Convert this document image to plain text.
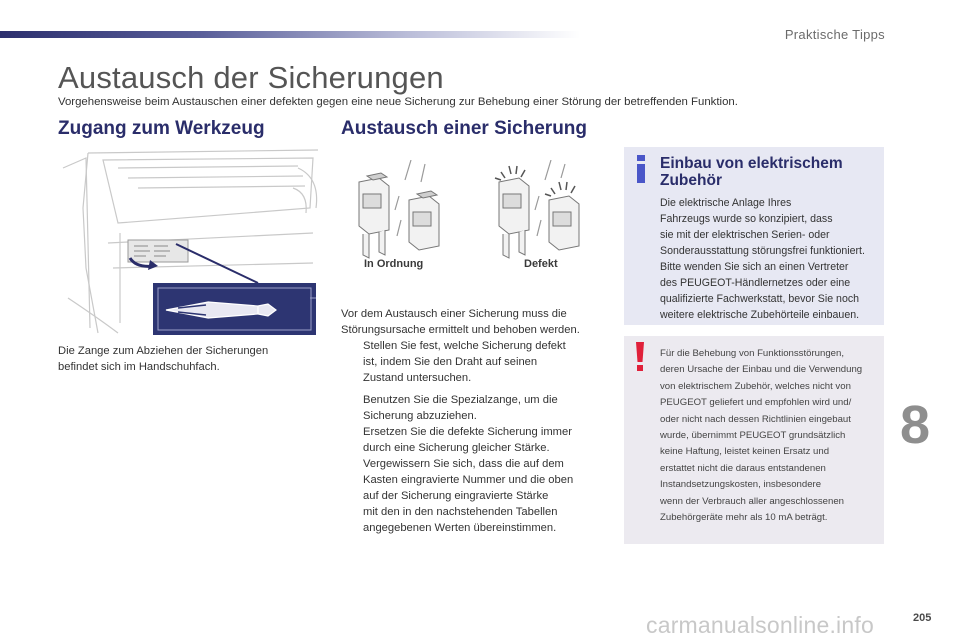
Praktische Tipps
Austausch der Sicherungen
Vorgehensweise beim Austauschen einer defekten gegen eine neue Sicherung zur Behebung einer Störung der betreffenden Funktion.
Zugang zum Werkzeug
Die Zange zum Abziehen der Sicherungen
befindet sich im Handschuhfach.
Austausch einer Sicherung
In Ordnung	Defekt

Vor dem Austausch einer Sicherung muss die

Störungsursache ermittelt und behoben werden.

Stellen Sie fest, welche Sicherung defekt
ist, indem Sie den Draht auf seinen
Zustand untersuchen.
Benutzen Sie die Spezialzange, um die
Sicherung abzuziehen.
Ersetzen Sie die defekte Sicherung immer
durch eine Sicherung gleicher Stärke.
Vergewissern Sie sich, dass die auf dem
Kasten eingravierte Nummer und die oben
auf der Sicherung eingravierte Stärke
mit den in den nachstehenden Tabellen
angegebenen Werten übereinstimmen.
Einbau von elektrischem Zubehör
Die elektrische Anlage Ihres
Fahrzeugs wurde so konzipiert, dass
sie mit der elektrischen Serien- oder
Sonderausstattung störungsfrei funktioniert.
Bitte wenden Sie sich an einen Vertreter
des PEUGEOT-Händlernetzes oder eine
qualifizierte Fachwerkstatt, bevor Sie noch
weitere elektrische Zubehörteile einbauen.
Für die Behebung von Funktionsstörungen,
deren Ursache der Einbau und die Verwendung
von elektrischem Zubehör, welches nicht von
PEUGEOT geliefert und empfohlen wird und/
oder nicht nach dessen Richtlinien eingebaut
wurde, übernimmt PEUGEOT grundsätzlich
keine Haftung, leistet keinen Ersatz und
erstattet nicht die daraus entstandenen
Instandsetzungskosten, insbesondere
wenn der Verbrauch aller angeschlossenen
Zubehörgeräte mehr als 10 mA beträgt.
8
carmanualsonline.info	205
